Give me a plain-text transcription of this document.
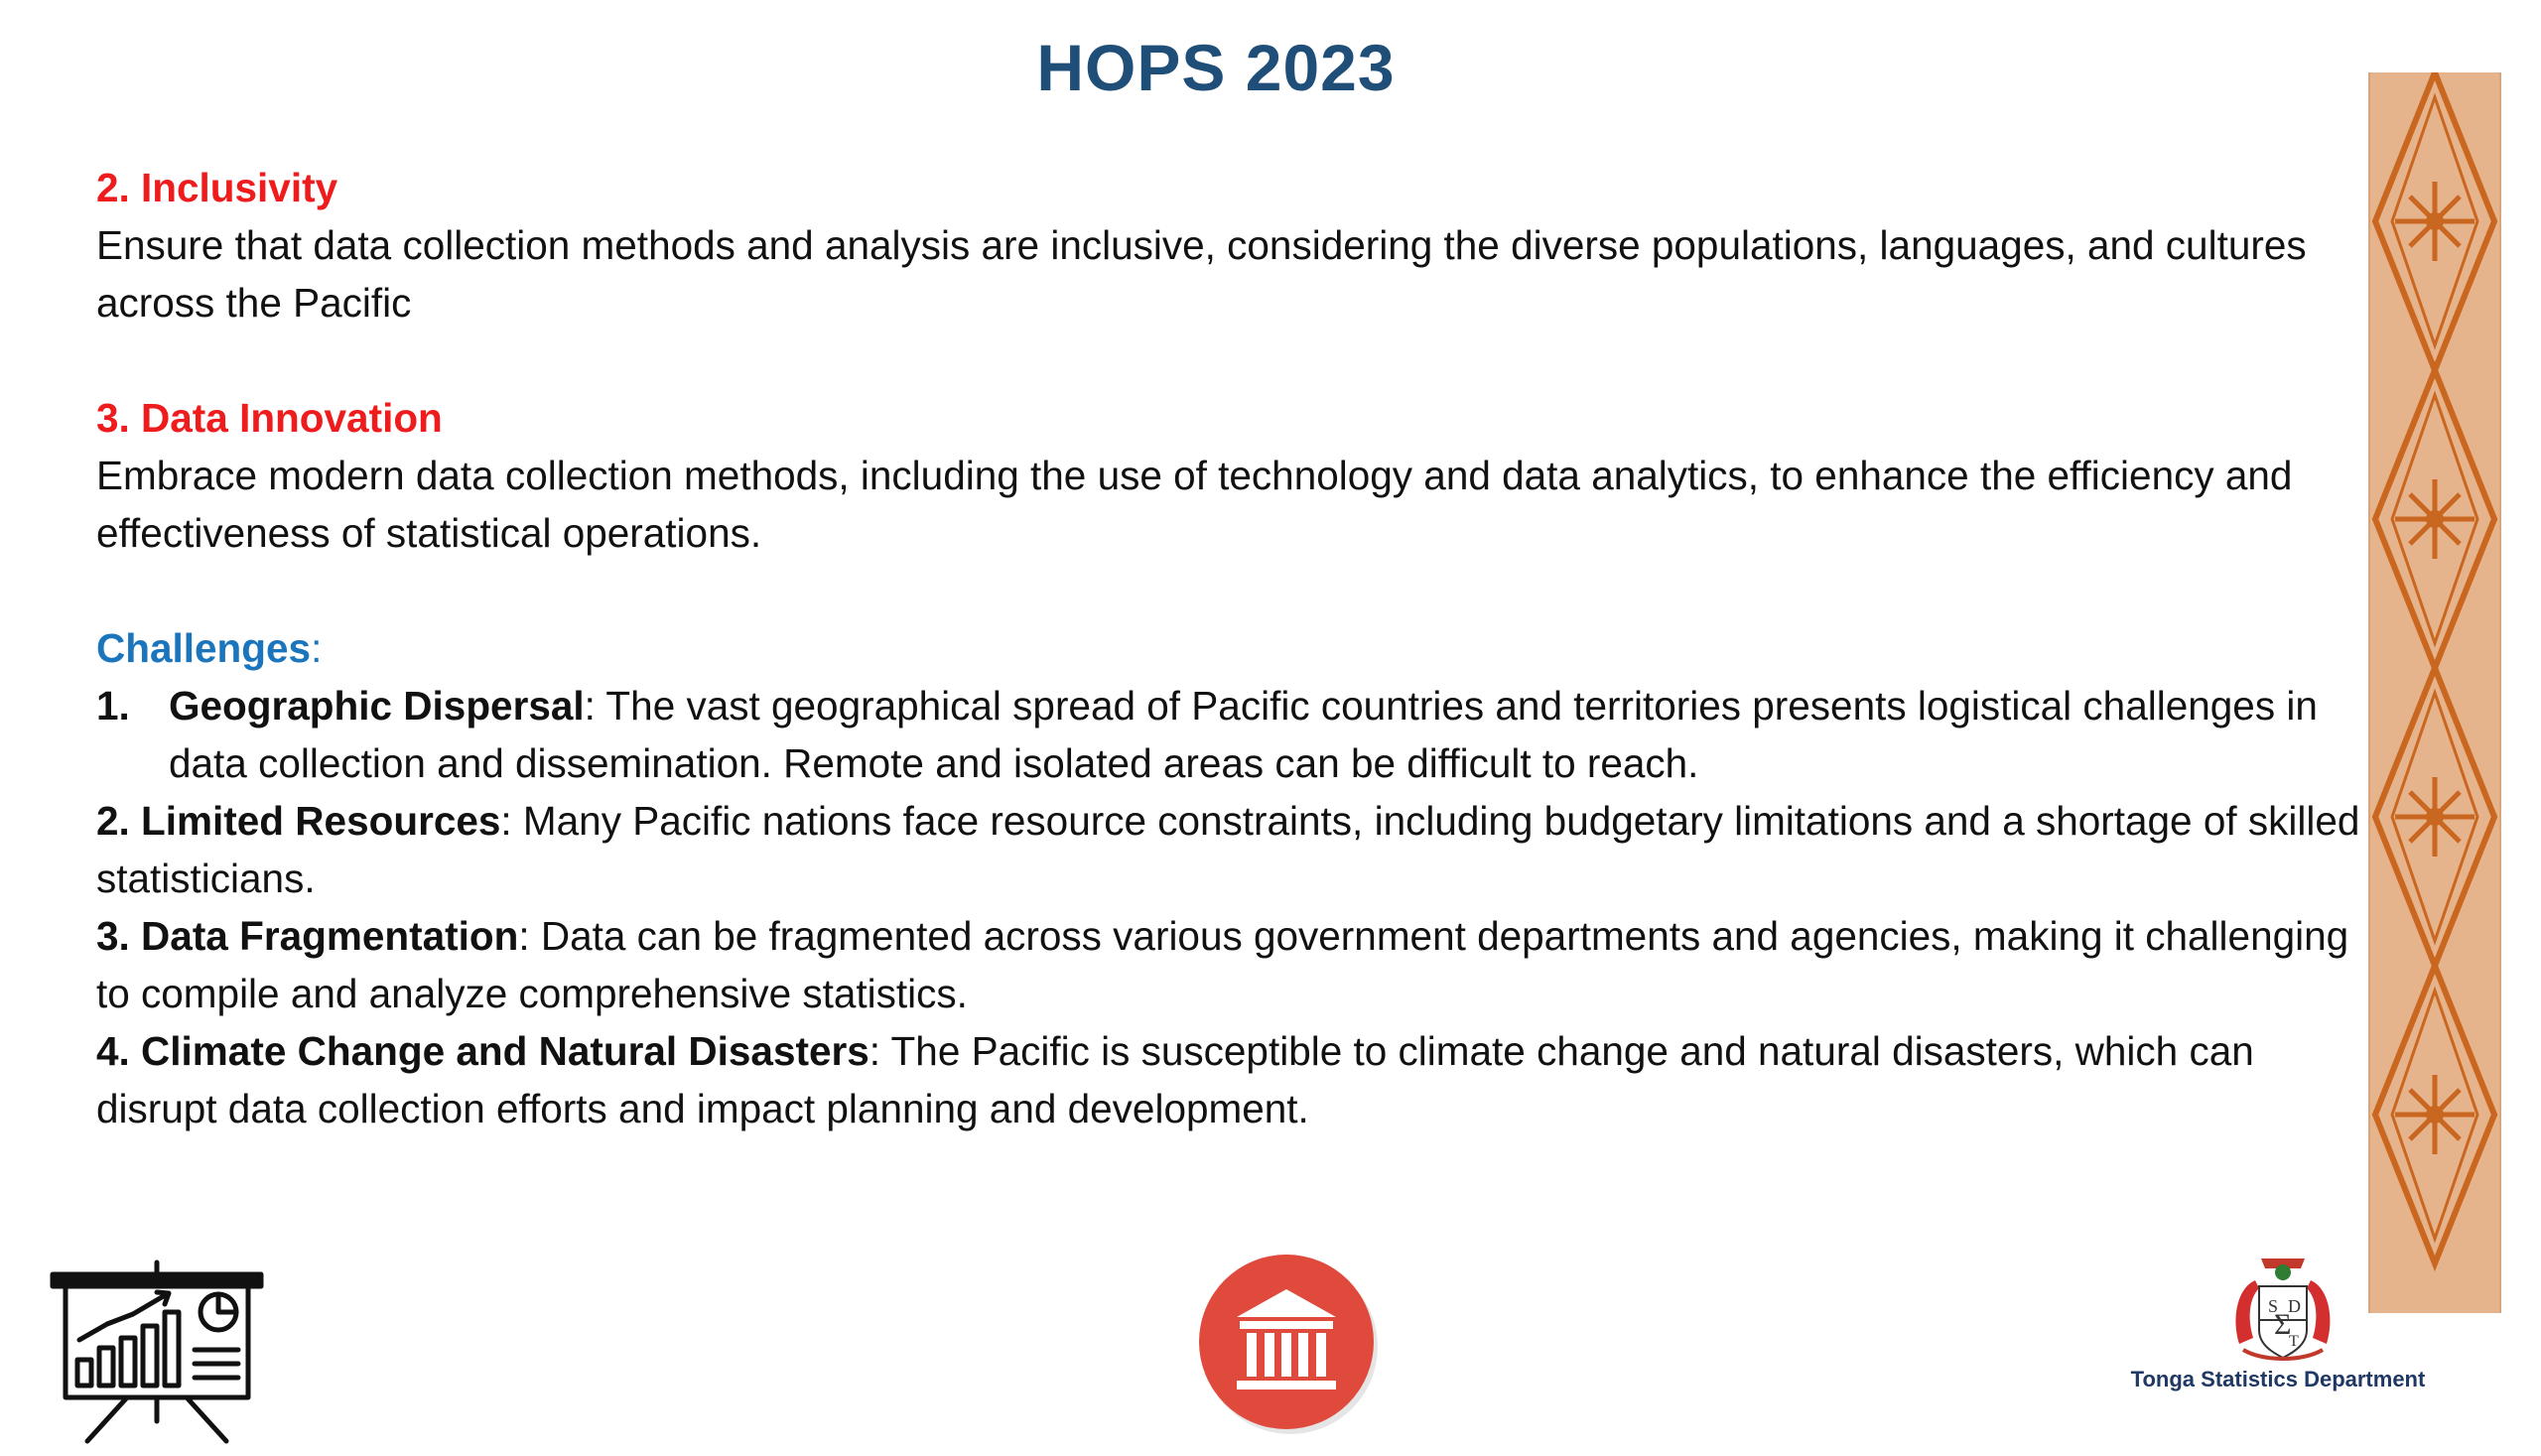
HOPS 2023

2. Inclusivity

Ensure that data collection methods and analysis are inclusive, considering the diverse populations, languages, and cultures across the Pacific

3. Data Innovation

Embrace modern data collection methods, including the use of technology and data analytics, to enhance the efficiency and effectiveness of statistical operations.

Challenges:

1. Geographic Dispersal: The vast geographical spread of Pacific countries and territories presents logistical challenges in data collection and dissemination. Remote and isolated areas can be difficult to reach.

2. Limited Resources: Many Pacific nations face resource constraints, including budgetary limitations and a shortage of skilled statisticians.

3. Data Fragmentation: Data can be fragmented across various government departments and agencies, making it challenging to compile and analyze comprehensive statistics.

4. Climate Change and Natural Disasters: The Pacific is susceptible to climate change and natural disasters, which can disrupt data collection efforts and impact planning and development.

S
Σ
D
T
Tonga Statistics Department
